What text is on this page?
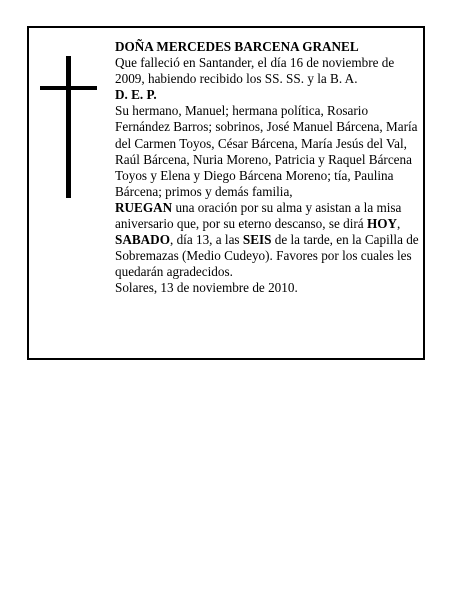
DOÑA MERCEDES BARCENA GRANEL

Que falleció en Santander, el día 16 de noviembre de 2009, habiendo recibido los SS. SS. y la B. A.

D. E. P.

Su hermano, Manuel; hermana política, Rosario Fernández Barros; sobrinos, José Manuel Bárcena, María del Carmen Toyos, César Bárcena, María Jesús del Val, Raúl Bárcena, Nuria Moreno, Patricia y Raquel Bárcena Toyos y Elena y Diego Bárcena Moreno; tía, Paulina Bárcena; primos y demás familia,

RUEGAN una oración por su alma y asistan a la misa aniversario que, por su eterno descanso, se dirá HOY, SABADO, día 13, a las SEIS de la tarde, en la Capilla de Sobremazas (Medio Cudeyo). Favores por los cuales les quedarán agradecidos.

Solares, 13 de noviembre de 2010.
